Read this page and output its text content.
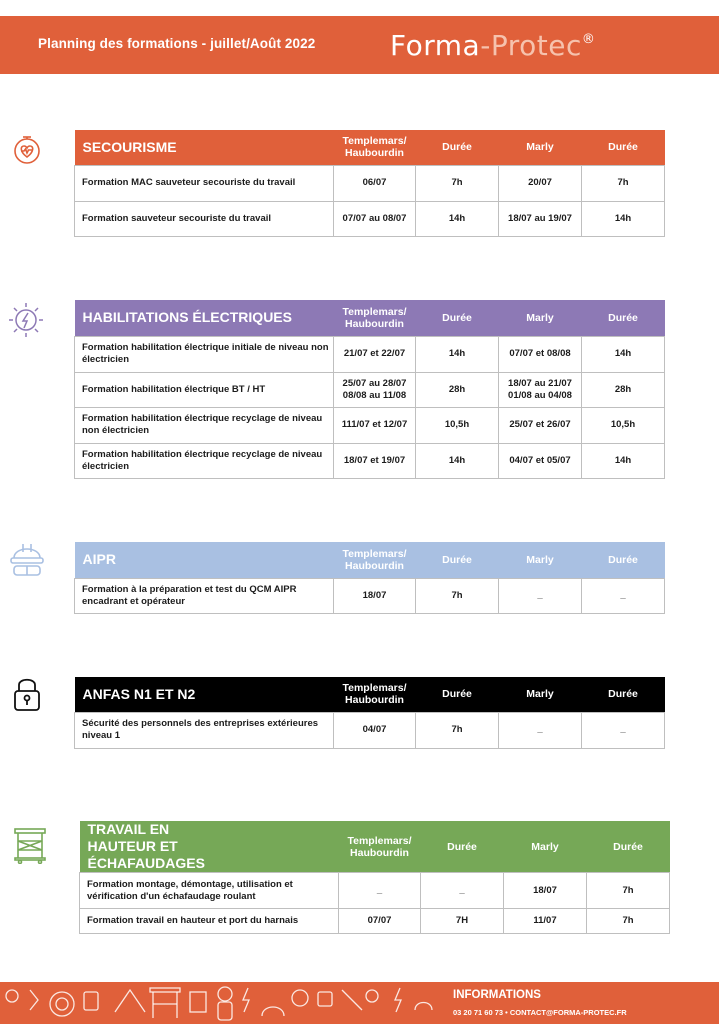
Planning des formations - juillet/Août 2022	Forma-Protec®
SECOURISME	Templemars/ Haubourdin	Durée	Marly	Durée
Formation MAC sauveteur secouriste du travail	06/07	7h	20/07	7h
Formation sauveteur secouriste du travail	07/07 au 08/07	14h	18/07 au 19/07	14h
HABILITATIONS ÉLECTRIQUES	Templemars/ Haubourdin	Durée	Marly	Durée
Formation habilitation électrique initiale de niveau non électricien	21/07 et 22/07	14h	07/07 et 08/08	14h
Formation habilitation électrique BT / HT	25/07 au 28/07 08/08 au 11/08	28h	18/07 au 21/07 01/08 au 04/08	28h
Formation habilitation électrique recyclage de niveau non électricien	111/07 et 12/07	10,5h	25/07 et 26/07	10,5h
Formation habilitation électrique recyclage de niveau électricien	18/07 et 19/07	14h	04/07 et 05/07	14h
AIPR	Templemars/ Haubourdin	Durée	Marly	Durée
Formation à la préparation et test du QCM AIPR encadrant et opérateur	18/07	7h	_	_
ANFAS N1 ET N2	Templemars/ Haubourdin	Durée	Marly	Durée
Sécurité des personnels des entreprises extérieures niveau 1	04/07	7h	_	_
TRAVAIL EN HAUTEUR ET ÉCHAFAUDAGES	Templemars/ Haubourdin	Durée	Marly	Durée
Formation montage, démontage, utilisation et vérification d'un échafaudage roulant	_	_	18/07	7h
Formation travail en hauteur et port du harnais	07/07	7H	11/07	7h
INFORMATIONS
03 20 71 60 73 • CONTACT@FORMA-PROTEC.FR
